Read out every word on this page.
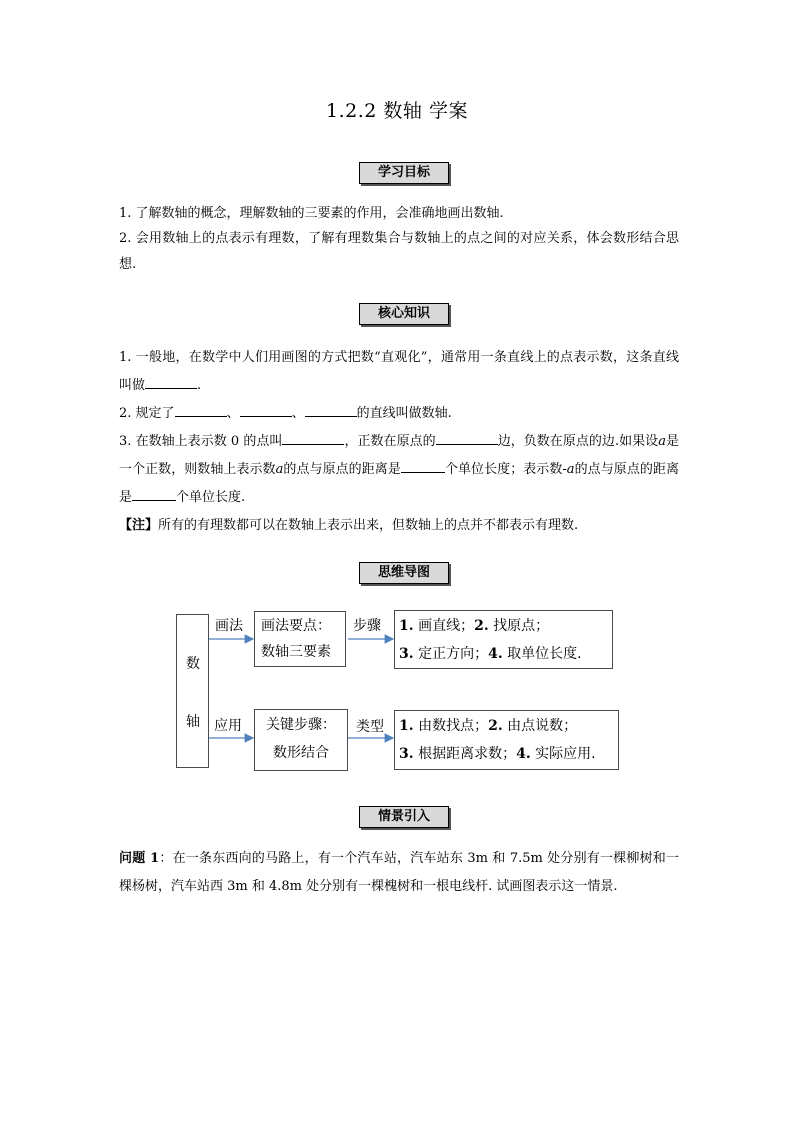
1.2.2 数轴 学案
学习目标

1. 了解数轴的概念，理解数轴的三要素的作用，会准确地画出数轴.

2. 会用数轴上的点表示有理数，了解有理数集合与数轴上的点之间的对应关系，体会数形结合思想.

核心知识

1. 一般地，在数学中人们用画图的方式把数“直观化”，通常用一条直线上的点表示数，这条直线叫做	.

2. 规定了	、	、	的直线叫做数轴.

3. 在数轴上表示数 0 的点叫	，正数在原点的	边，负数在原点的边.如果设a是一个正数，则数轴上表示数a的点与原点的距离是	个单位长度；表示数-a的点与原点的距离是	个单位长度.

【注】所有的有理数都可以在数轴上表示出来，但数轴上的点并不都表示有理数.

思维导图
数
轴
画法
应用
画法要点：
数轴三要素
关键步骤：
数形结合
步骤
类型
1. 画直线；2. 找原点；
3. 定正方向；4. 取单位长度.
1. 由数找点；2. 由点说数；
3. 根据距离求数；4. 实际应用.
情景引入

问题 1：在一条东西向的马路上，有一个汽车站，汽车站东 3m 和 7.5m 处分别有一棵柳树和一棵杨树，汽车站西 3m 和 4.8m 处分别有一棵槐树和一根电线杆. 试画图表示这一情景.
